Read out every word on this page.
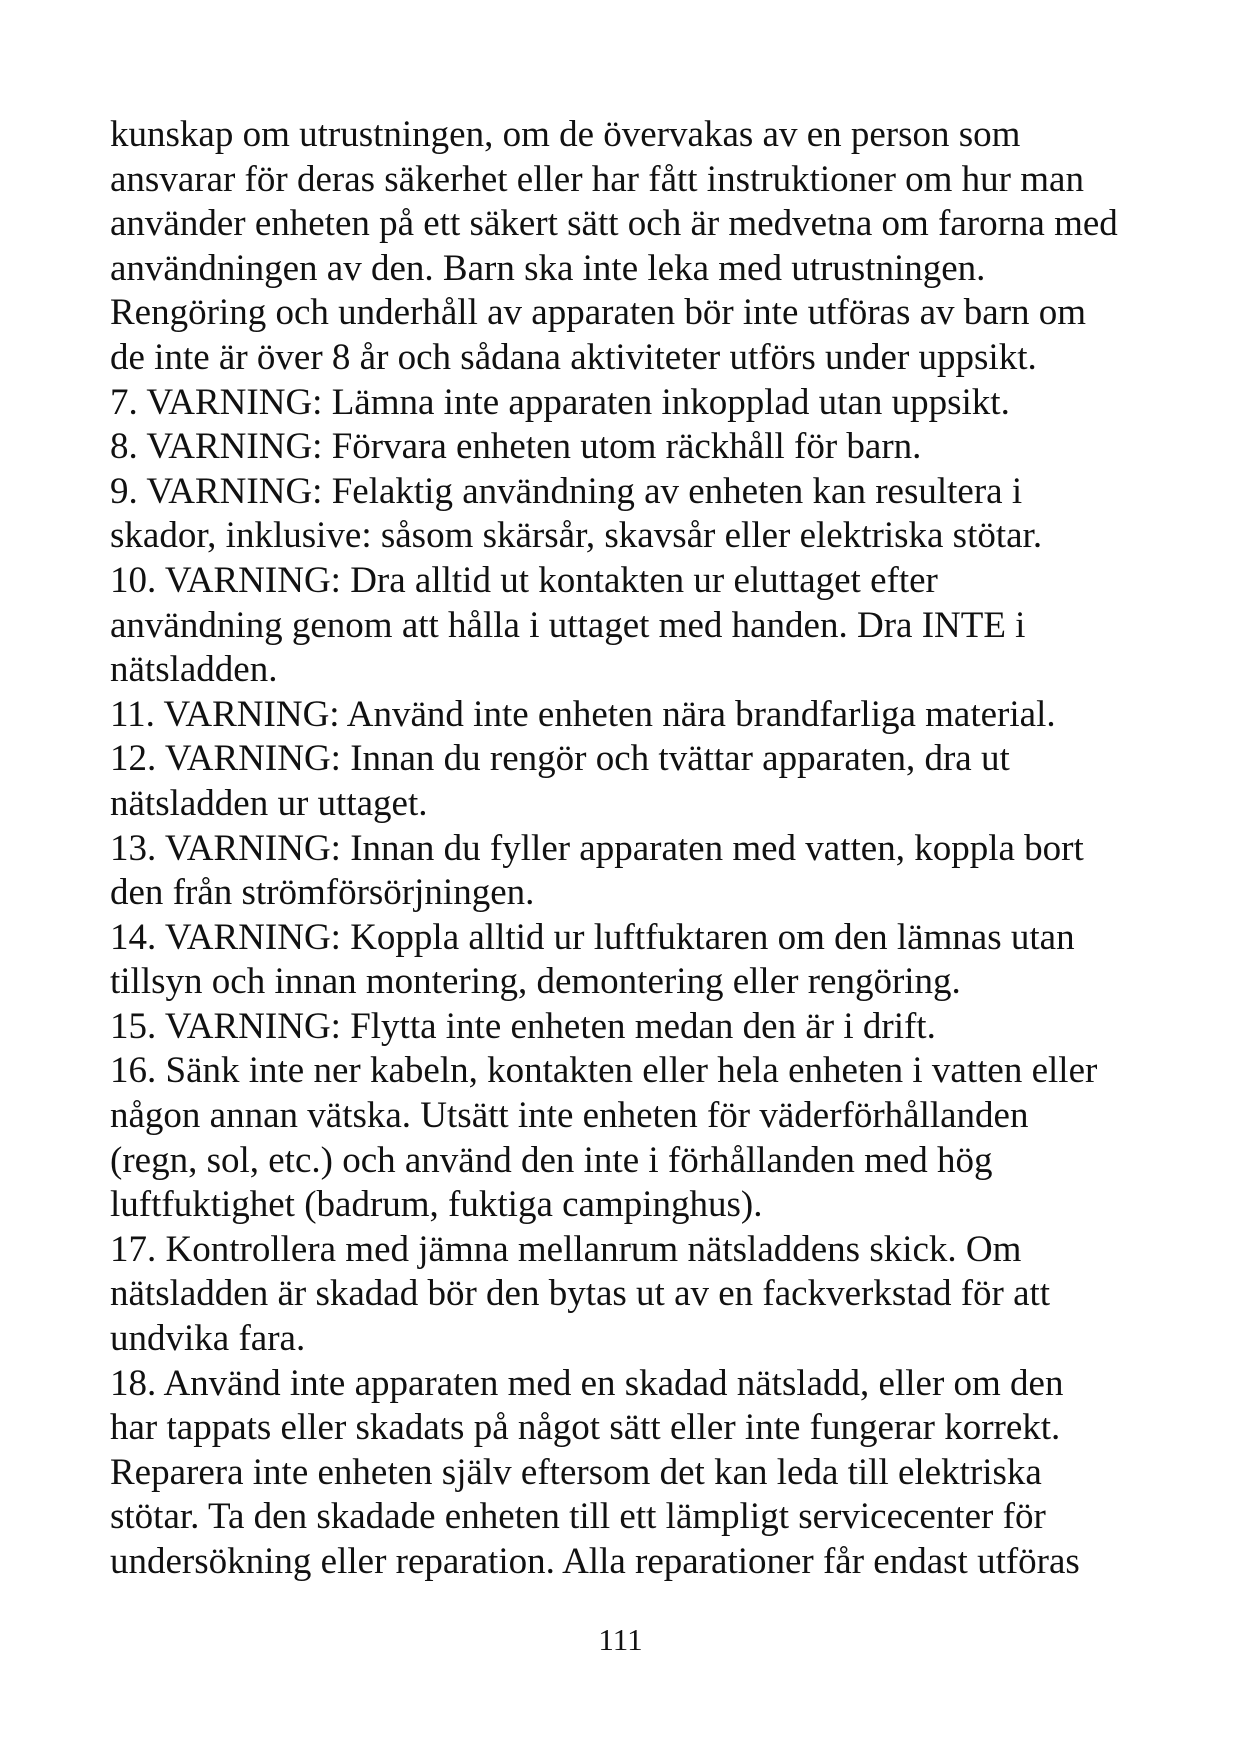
kunskap om utrustningen, om de övervakas av en person som
ansvarar för deras säkerhet eller har fått instruktioner om hur man
använder enheten på ett säkert sätt och är medvetna om farorna med
användningen av den. Barn ska inte leka med utrustningen.
Rengöring och underhåll av apparaten bör inte utföras av barn om
de inte är över 8 år och sådana aktiviteter utförs under uppsikt.
7. VARNING: Lämna inte apparaten inkopplad utan uppsikt.
8. VARNING: Förvara enheten utom räckhåll för barn.
9. VARNING: Felaktig användning av enheten kan resultera i
skador, inklusive: såsom skärsår, skavsår eller elektriska stötar.
10. VARNING: Dra alltid ut kontakten ur eluttaget efter
användning genom att hålla i uttaget med handen. Dra INTE i
nätsladden.
11. VARNING: Använd inte enheten nära brandfarliga material.
12. VARNING: Innan du rengör och tvättar apparaten, dra ut
nätsladden ur uttaget.
13. VARNING: Innan du fyller apparaten med vatten, koppla bort
den från strömförsörjningen.
14. VARNING: Koppla alltid ur luftfuktaren om den lämnas utan
tillsyn och innan montering, demontering eller rengöring.
15. VARNING: Flytta inte enheten medan den är i drift.
16. Sänk inte ner kabeln, kontakten eller hela enheten i vatten eller
någon annan vätska. Utsätt inte enheten för väderförhållanden
(regn, sol, etc.) och använd den inte i förhållanden med hög
luftfuktighet (badrum, fuktiga campinghus).
17. Kontrollera med jämna mellanrum nätsladdens skick. Om
nätsladden är skadad bör den bytas ut av en fackverkstad för att
undvika fara.
18. Använd inte apparaten med en skadad nätsladd, eller om den
har tappats eller skadats på något sätt eller inte fungerar korrekt.
Reparera inte enheten själv eftersom det kan leda till elektriska
stötar. Ta den skadade enheten till ett lämpligt servicecenter för
undersökning eller reparation. Alla reparationer får endast utföras
111
